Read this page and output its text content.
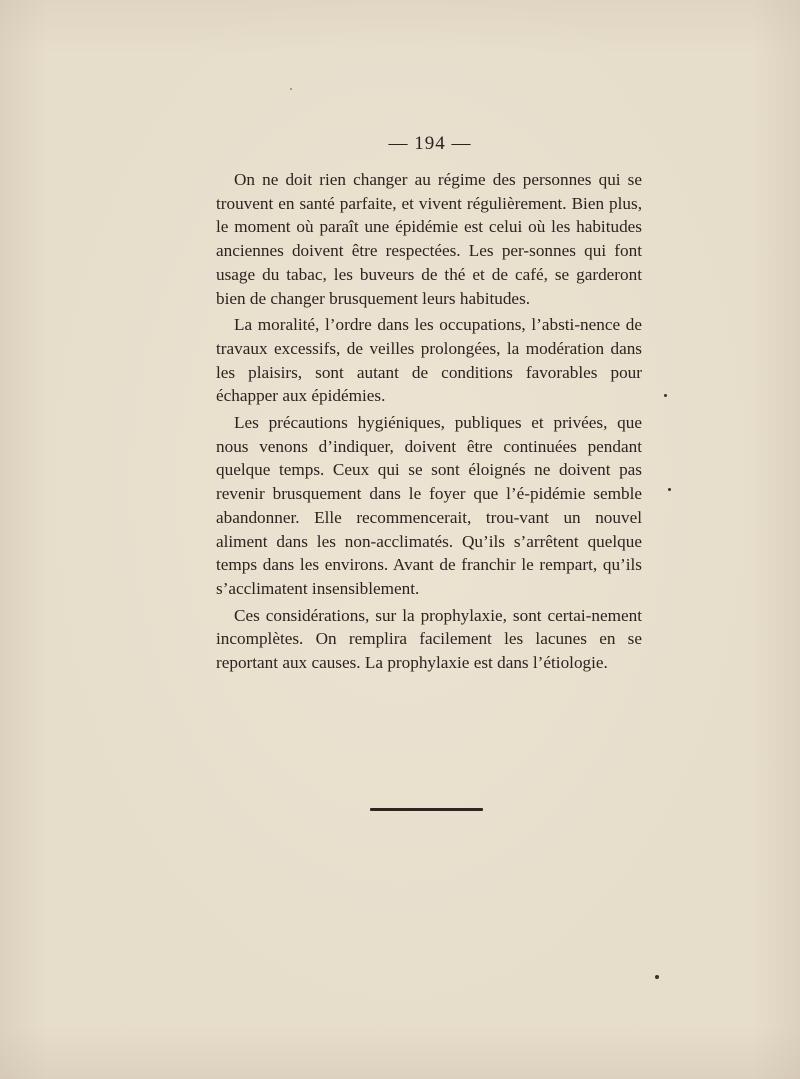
— 194 —

On ne doit rien changer au régime des personnes qui se trouvent en santé parfaite, et vivent régulièrement. Bien plus, le moment où paraît une épidémie est celui où les habitudes anciennes doivent être respectées. Les per-sonnes qui font usage du tabac, les buveurs de thé et de café, se garderont bien de changer brusquement leurs habitudes.

La moralité, l’ordre dans les occupations, l’absti-nence de travaux excessifs, de veilles prolongées, la modération dans les plaisirs, sont autant de conditions favorables pour échapper aux épidémies.

Les précautions hygiéniques, publiques et privées, que nous venons d’indiquer, doivent être continuées pendant quelque temps. Ceux qui se sont éloignés ne doivent pas revenir brusquement dans le foyer que l’é-pidémie semble abandonner. Elle recommencerait, trou-vant un nouvel aliment dans les non-acclimatés. Qu’ils s’arrêtent quelque temps dans les environs. Avant de franchir le rempart, qu’ils s’acclimatent insensiblement.

Ces considérations, sur la prophylaxie, sont certai-nement incomplètes. On remplira facilement les lacunes en se reportant aux causes. La prophylaxie est dans l’étiologie.
